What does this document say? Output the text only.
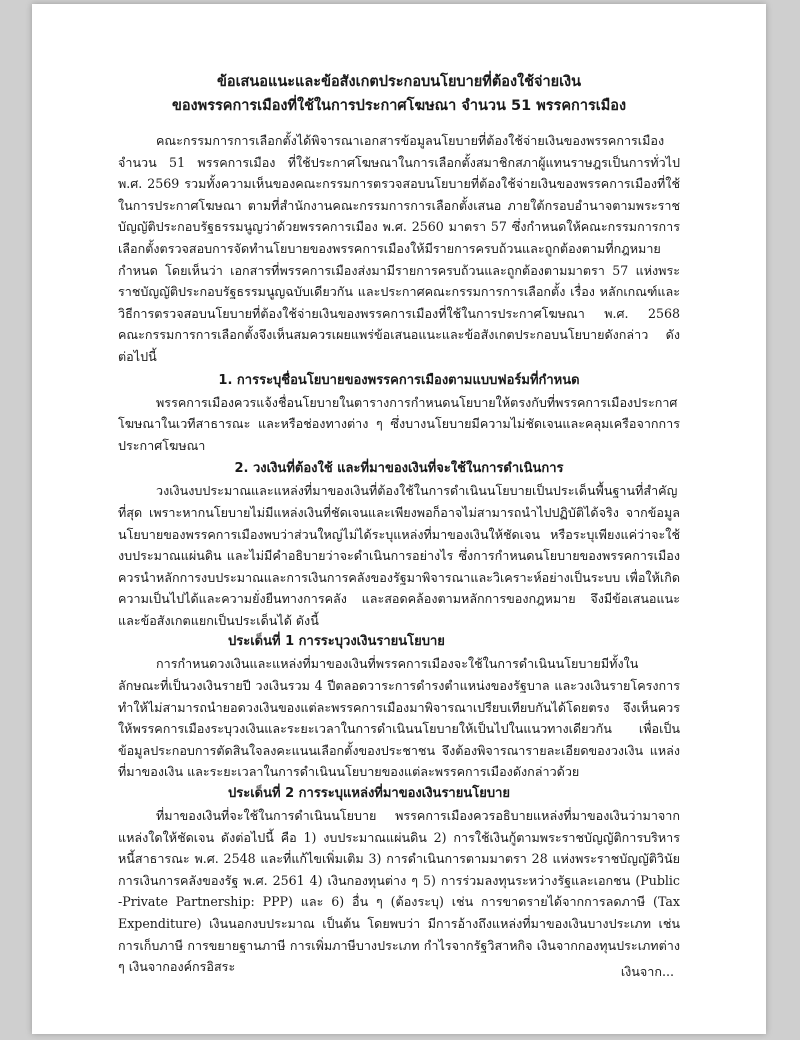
ข้อเสนอแนะและข้อสังเกตประกอบนโยบายที่ต้องใช้จ่ายเงิน
ของพรรคการเมืองที่ใช้ในการประกาศโฆษณา จำนวน 51 พรรคการเมือง

คณะกรรมการการเลือกตั้งได้พิจารณาเอกสารข้อมูลนโยบายที่ต้องใช้จ่ายเงินของพรรคการเมือง จำนวน 51 พรรคการเมือง ที่ใช้ประกาศโฆษณาในการเลือกตั้งสมาชิกสภาผู้แทนราษฎรเป็นการทั่วไป พ.ศ. 2569 รวมทั้งความเห็นของคณะกรรมการตรวจสอบนโยบายที่ต้องใช้จ่ายเงินของพรรคการเมืองที่ใช้ในการประกาศโฆษณา ตามที่สำนักงานคณะกรรมการการเลือกตั้งเสนอ ภายใต้กรอบอำนาจตามพระราชบัญญัติประกอบรัฐธรรมนูญว่าด้วยพรรคการเมือง พ.ศ. 2560 มาตรา 57 ซึ่งกำหนดให้คณะกรรมการการเลือกตั้งตรวจสอบการจัดทำนโยบายของพรรคการเมืองให้มีรายการครบถ้วนและถูกต้องตามที่กฎหมายกำหนด โดยเห็นว่า เอกสารที่พรรคการเมืองส่งมามีรายการครบถ้วนและถูกต้องตามมาตรา 57 แห่งพระราชบัญญัติประกอบรัฐธรรมนูญฉบับเดียวกัน และประกาศคณะกรรมการการเลือกตั้ง เรื่อง หลักเกณฑ์และวิธีการตรวจสอบนโยบายที่ต้องใช้จ่ายเงินของพรรคการเมืองที่ใช้ในการประกาศโฆษณา พ.ศ. 2568 คณะกรรมการการเลือกตั้งจึงเห็นสมควรเผยแพร่ข้อเสนอแนะและข้อสังเกตประกอบนโยบายดังกล่าว ดังต่อไปนี้

1. การระบุชื่อนโยบายของพรรคการเมืองตามแบบฟอร์มที่กำหนด

พรรคการเมืองควรแจ้งชื่อนโยบายในตารางการกำหนดนโยบายให้ตรงกับที่พรรคการเมืองประกาศโฆษณาในเวทีสาธารณะ และหรือช่องทางต่าง ๆ ซึ่งบางนโยบายมีความไม่ชัดเจนและคลุมเครือจากการประกาศโฆษณา

2. วงเงินที่ต้องใช้ และที่มาของเงินที่จะใช้ในการดำเนินการ

วงเงินงบประมาณและแหล่งที่มาของเงินที่ต้องใช้ในการดำเนินนโยบายเป็นประเด็นพื้นฐานที่สำคัญที่สุด เพราะหากนโยบายไม่มีแหล่งเงินที่ชัดเจนและเพียงพอก็อาจไม่สามารถนำไปปฏิบัติได้จริง จากข้อมูลนโยบายของพรรคการเมืองพบว่าส่วนใหญ่ไม่ได้ระบุแหล่งที่มาของเงินให้ชัดเจน หรือระบุเพียงแค่ว่าจะใช้งบประมาณแผ่นดิน และไม่มีคำอธิบายว่าจะดำเนินการอย่างไร ซึ่งการกำหนดนโยบายของพรรคการเมืองควรนำหลักการงบประมาณและการเงินการคลังของรัฐมาพิจารณาและวิเคราะห์อย่างเป็นระบบ เพื่อให้เกิดความเป็นไปได้และความยั่งยืนทางการคลัง และสอดคล้องตามหลักการของกฎหมาย จึงมีข้อเสนอแนะและข้อสังเกตแยกเป็นประเด็นได้ ดังนี้

ประเด็นที่ 1 การระบุวงเงินรายนโยบาย

การกำหนดวงเงินและแหล่งที่มาของเงินที่พรรคการเมืองจะใช้ในการดำเนินนโยบายมีทั้งในลักษณะที่เป็นวงเงินรายปี วงเงินรวม 4 ปีตลอดวาระการดำรงตำแหน่งของรัฐบาล และวงเงินรายโครงการ ทำให้ไม่สามารถนำยอดวงเงินของแต่ละพรรคการเมืองมาพิจารณาเปรียบเทียบกันได้โดยตรง จึงเห็นควรให้พรรคการเมืองระบุวงเงินและระยะเวลาในการดำเนินนโยบายให้เป็นไปในแนวทางเดียวกัน เพื่อเป็นข้อมูลประกอบการตัดสินใจลงคะแนนเลือกตั้งของประชาชน จึงต้องพิจารณารายละเอียดของวงเงิน แหล่งที่มาของเงิน และระยะเวลาในการดำเนินนโยบายของแต่ละพรรคการเมืองดังกล่าวด้วย

ประเด็นที่ 2 การระบุแหล่งที่มาของเงินรายนโยบาย

ที่มาของเงินที่จะใช้ในการดำเนินนโยบาย พรรคการเมืองควรอธิบายแหล่งที่มาของเงินว่ามาจากแหล่งใดให้ชัดเจน ดังต่อไปนี้ คือ 1) งบประมาณแผ่นดิน 2) การใช้เงินกู้ตามพระราชบัญญัติการบริหารหนี้สาธารณะ พ.ศ. 2548 และที่แก้ไขเพิ่มเติม 3) การดำเนินการตามมาตรา 28 แห่งพระราชบัญญัติวินัยการเงินการคลังของรัฐ พ.ศ. 2561 4) เงินกองทุนต่าง ๆ 5) การร่วมลงทุนระหว่างรัฐและเอกชน (Public -Private Partnership: PPP) และ 6) อื่น ๆ (ต้องระบุ) เช่น การขาดรายได้จากการลดภาษี (Tax Expenditure) เงินนอกงบประมาณ เป็นต้น โดยพบว่า มีการอ้างถึงแหล่งที่มาของเงินบางประเภท เช่น การเก็บภาษี การขยายฐานภาษี การเพิ่มภาษีบางประเภท กำไรจากรัฐวิสาหกิจ เงินจากกองทุนประเภทต่าง ๆ เงินจากองค์กรอิสระ	เงินจาก...
